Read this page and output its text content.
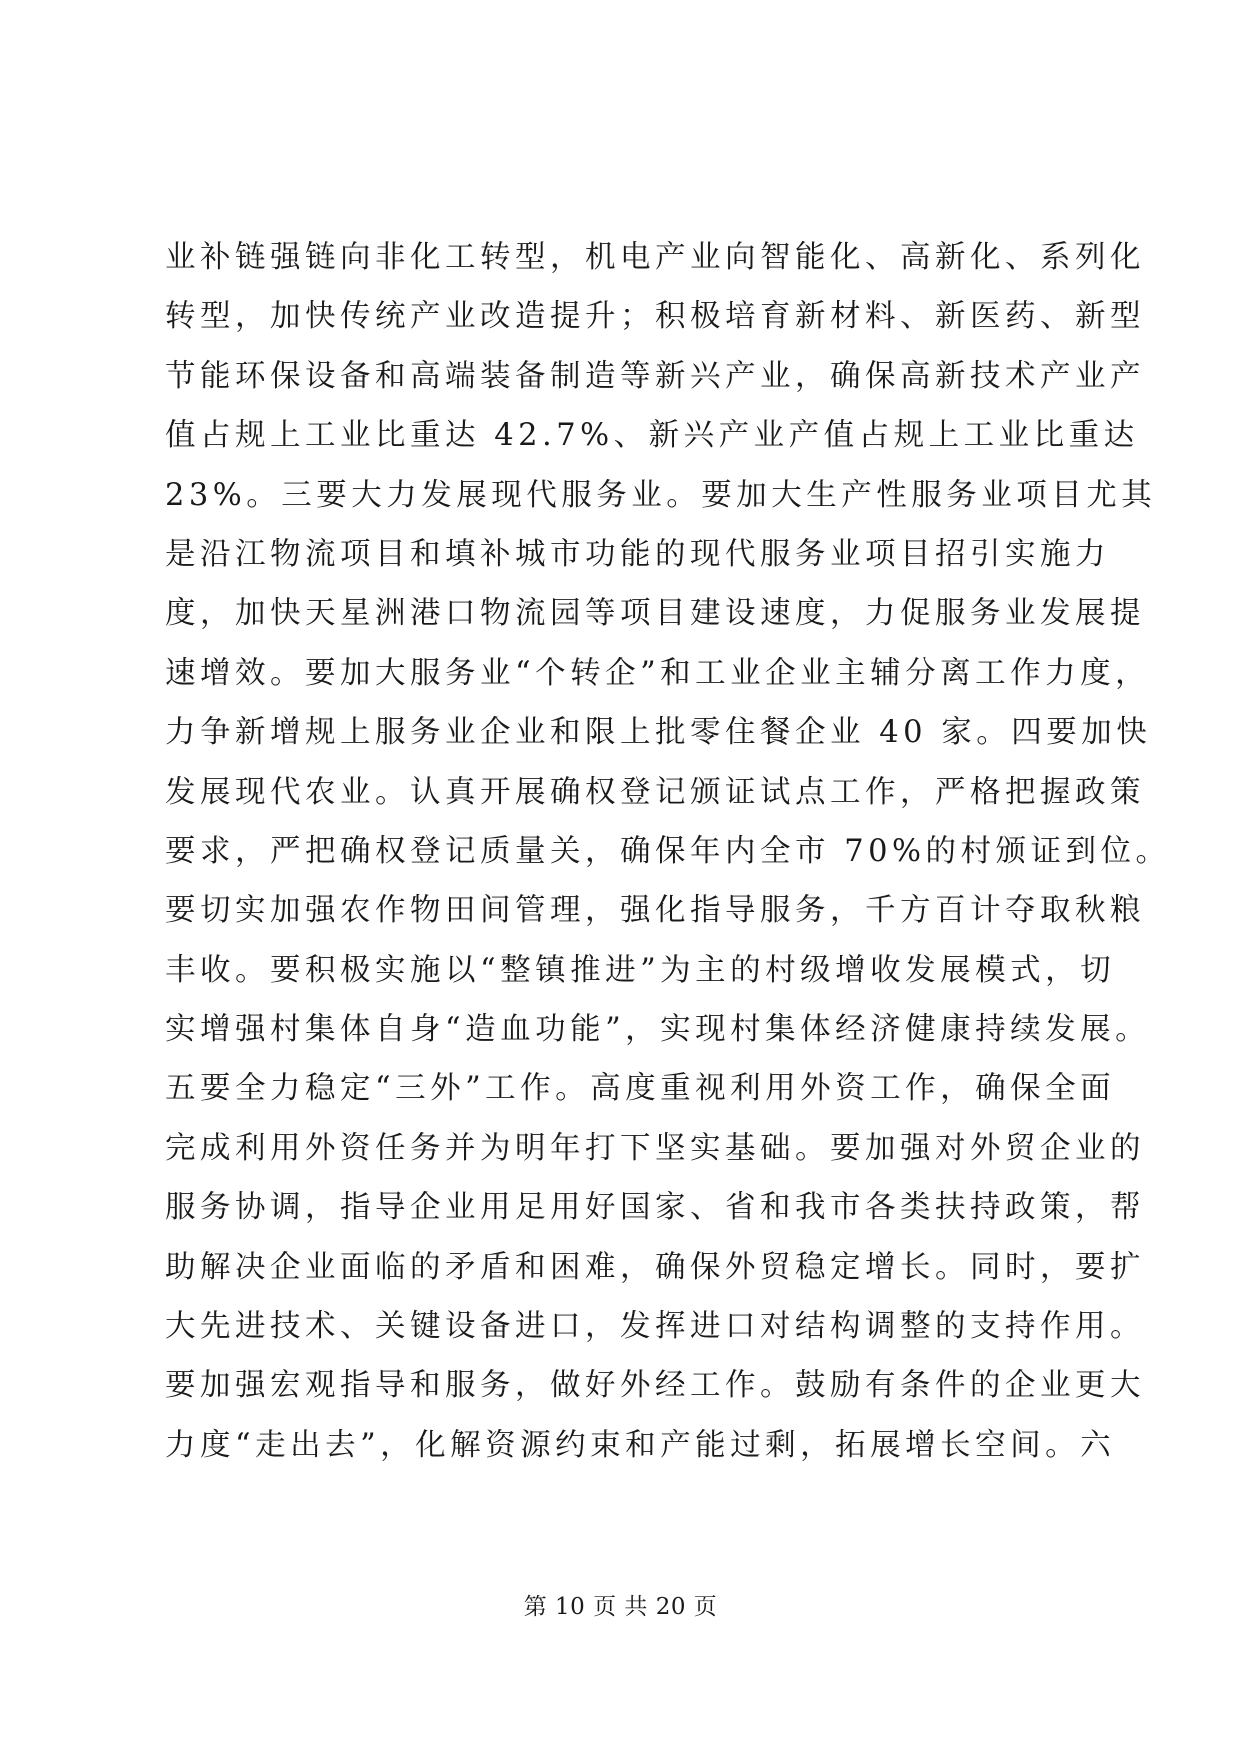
业补链强链向非化工转型，机电产业向智能化、高新化、系列化
转型，加快传统产业改造提升；积极培育新材料、新医药、新型
节能环保设备和高端装备制造等新兴产业，确保高新技术产业产
值占规上工业比重达 42.7%、新兴产业产值占规上工业比重达
23%。三要大力发展现代服务业。要加大生产性服务业项目尤其
是沿江物流项目和填补城市功能的现代服务业项目招引实施力
度，加快天星洲港口物流园等项目建设速度，力促服务业发展提
速增效。要加大服务业“个转企”和工业企业主辅分离工作力度，
力争新增规上服务业企业和限上批零住餐企业 40 家。四要加快
发展现代农业。认真开展确权登记颁证试点工作，严格把握政策
要求，严把确权登记质量关，确保年内全市 70%的村颁证到位。
要切实加强农作物田间管理，强化指导服务，千方百计夺取秋粮
丰收。要积极实施以“整镇推进”为主的村级增收发展模式，切
实增强村集体自身“造血功能”，实现村集体经济健康持续发展。
五要全力稳定“三外”工作。高度重视利用外资工作，确保全面
完成利用外资任务并为明年打下坚实基础。要加强对外贸企业的
服务协调，指导企业用足用好国家、省和我市各类扶持政策，帮
助解决企业面临的矛盾和困难，确保外贸稳定增长。同时，要扩
大先进技术、关键设备进口，发挥进口对结构调整的支持作用。
要加强宏观指导和服务，做好外经工作。鼓励有条件的企业更大
力度“走出去”，化解资源约束和产能过剩，拓展增长空间。六
第 10 页 共 20 页
